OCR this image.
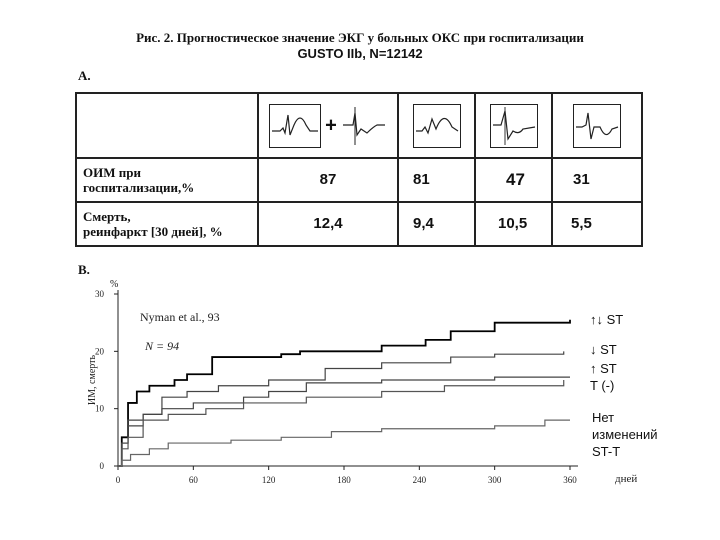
Рис. 2. Прогностическое значение ЭКГ у больных ОКС при госпитализации
GUSTO IIb, N=12142
А.
	+			

ОИМ при
госпитализации,%	87	81	47	31

Смерть,
реинфаркт [30 дней], %	12,4	9,4	10,5	5,5
В.
0	60	120	180	240	300	360
0
10
20
30
дней
%
ИМ, смерть
Nyman et al., 93
N = 94
↑↓ ST
↓ ST
↑ ST
T (-)
Нет
изменений
ST-T
